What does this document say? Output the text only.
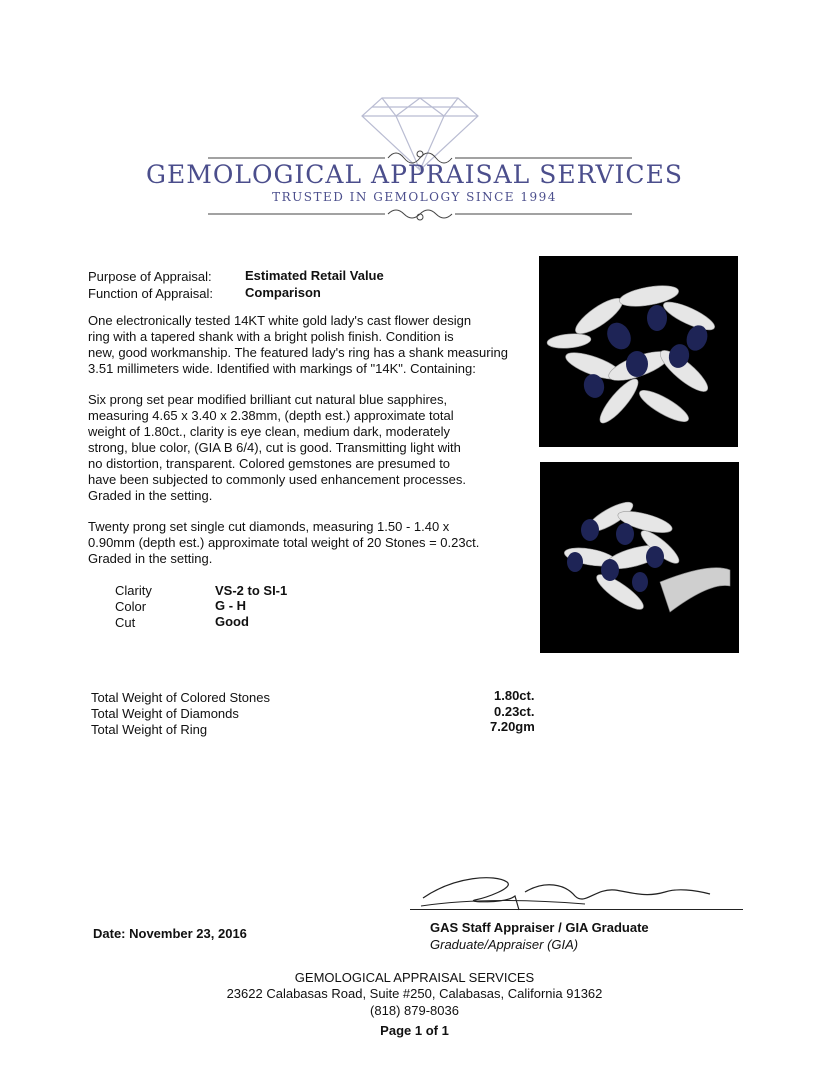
GEMOLOGICAL APPRAISAL SERVICES
TRUSTED IN GEMOLOGY SINCE 1994
Purpose of Appraisal:	Estimated Retail Value
Function of Appraisal: Comparison
One electronically tested 14KT white gold lady's cast flower design
ring with a tapered shank with a bright polish finish. Condition is
new, good workmanship. The featured lady's ring has a shank measuring
3.51 millimeters wide. Identified with markings of "14K". Containing:
Six prong set pear modified brilliant cut natural blue sapphires,
measuring 4.65 x 3.40 x 2.38mm, (depth est.) approximate total
weight of 1.80ct., clarity is eye clean, medium dark, moderately
strong, blue color, (GIA B 6/4), cut is good. Transmitting light with
no distortion, transparent. Colored gemstones are presumed to
have been subjected to commonly used enhancement processes.
Graded in the setting.
Twenty prong set single cut diamonds, measuring 1.50 - 1.40 x
0.90mm (depth est.) approximate total weight of 20 Stones = 0.23ct.
Graded in the setting.
Clarity	VS-2 to SI-1
Color	G - H
Cut	Good
Total Weight of Colored Stones	1.80ct.
Total Weight of Diamonds	0.23ct.
Total Weight of Ring	7.20gm
Date: November 23, 2016	GAS Staff Appraiser / GIA Graduate
Graduate/Appraiser (GIA)
GEMOLOGICAL APPRAISAL SERVICES
23622 Calabasas Road, Suite #250, Calabasas, California 91362
(818) 879-8036
Page 1 of 1
